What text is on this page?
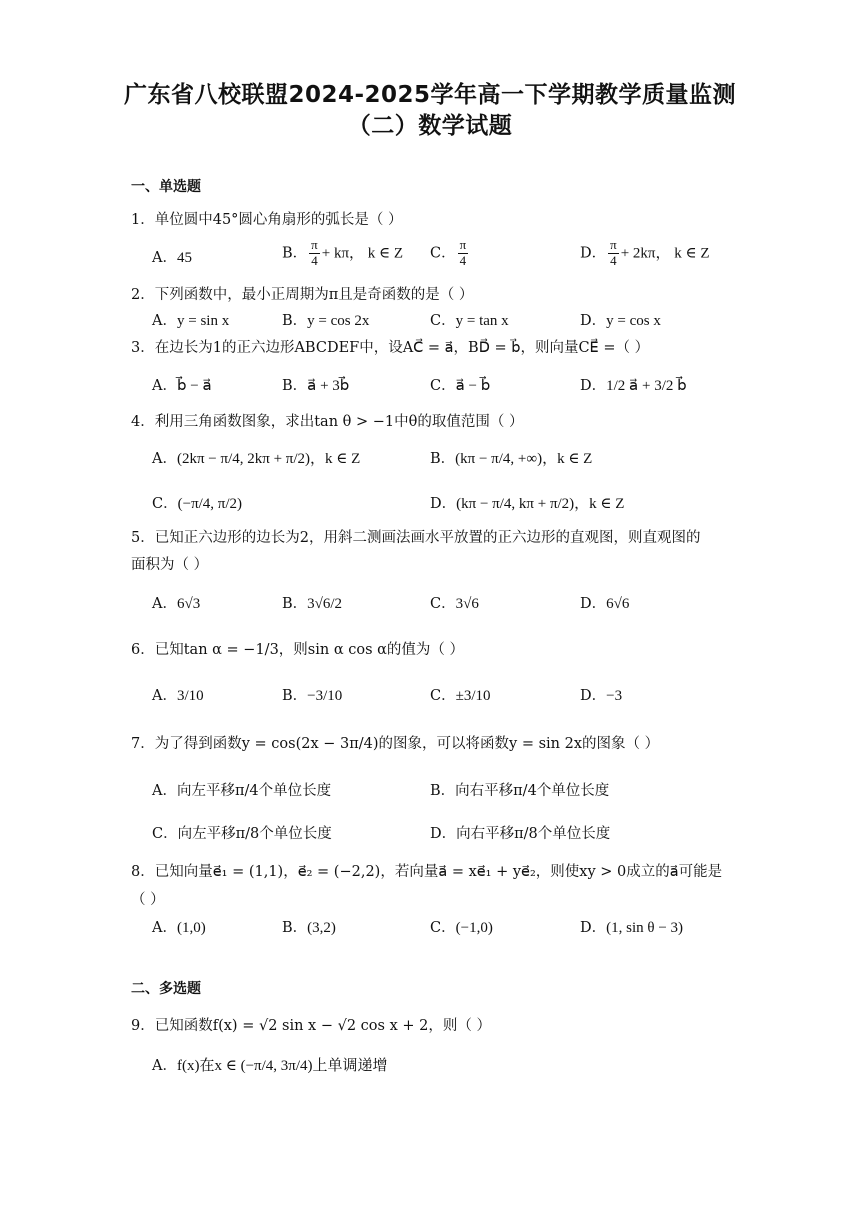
广东省八校联盟2024-2025学年高一下学期教学质量监测
（二）数学试题
一、单选题
1．单位圆中45°圆心角扇形的弧长是（ ）
A．45	B． $\frac{\pi}{4} + k\pi$， k ∈ Z C． $\frac{\pi}{4}$	D． $\frac{\pi}{4} + 2k\pi$， k ∈ Z
2．下列函数中，最小正周期为π且是奇函数的是（ ）
A．y = sin x	B．y = cos 2x	C．y = tan x	D．y = cos x
3．在边长为1的正六边形ABCDEF中，设AC⃗ = a⃗，BD⃗ = b⃗，则向量CE⃗ =（ ）
A．b⃗ − a⃗	B．a⃗ + 3b⃗	C．a⃗ − b⃗	D．1/2 a⃗ + 3/2 b⃗
4．利用三角函数图象，求出tan θ > −1中θ的取值范围（ ）
A．(2kπ − π/4, 2kπ + π/2)，k ∈ Z	B．(kπ − π/4, +∞)，k ∈ Z
C．(−π/4, π/2)	D．(kπ − π/4, kπ + π/2)，k ∈ Z
5．已知正六边形的边长为2，用斜二测画法画水平放置的正六边形的直观图，则直观图的
面积为（ ）
A．6√3	B．3√6/2	C．3√6	D．6√6
6．已知tan α = −1/3，则sin α cos α的值为（ ）
A．3/10	B．−3/10	C．±3/10	D．−3
7．为了得到函数y = cos(2x − 3π/4)的图象，可以将函数y = sin 2x的图象（ ）
A．向左平移π/4个单位长度	B．向右平移π/4个单位长度
C．向左平移π/8个单位长度	D．向右平移π/8个单位长度
8．已知向量e⃗₁ = (1,1)，e⃗₂ = (−2,2)，若向量a⃗ = xe⃗₁ + ye⃗₂，则使xy > 0成立的a⃗可能是
（ ）
A．(1,0)	B．(3,2)	C．(−1,0)	D．(1, sin θ − 3)
二、多选题
9．已知函数f(x) = √2 sin x − √2 cos x + 2，则（ ）
A．f(x)在x ∈ (−π/4, 3π/4)上单调递增
